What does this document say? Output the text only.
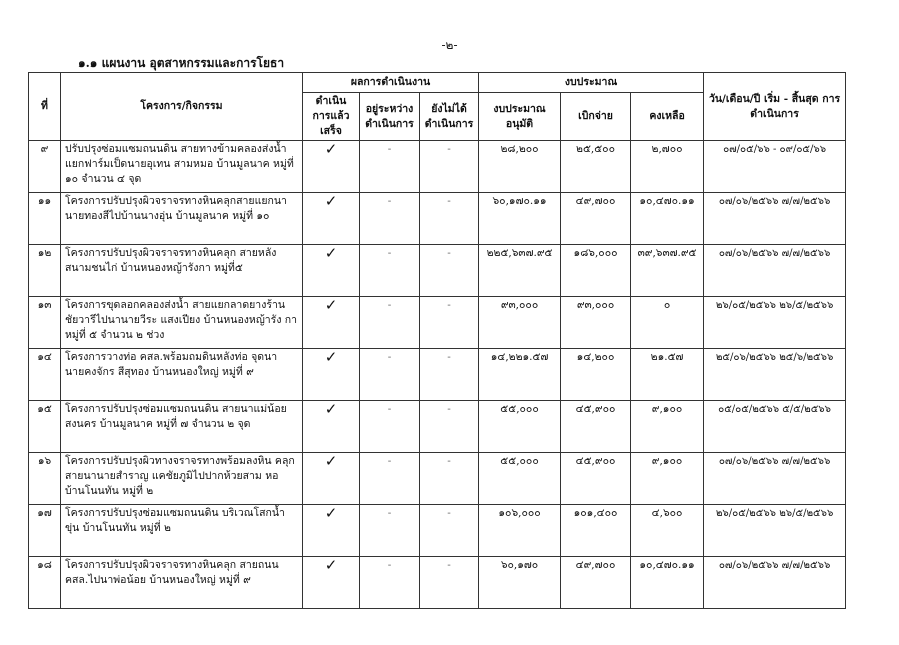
-๒-
๑.๑ แผนงาน อุตสาหกรรมและการโยธา
ที่	โครงการ/กิจกรรม	ผลการดำเนินงาน			งบประมาณ			วัน/เดือน/ปี เริ่ม - สิ้นสุด การดำเนินการ
		ดำเนินการแล้วเสร็จ	อยู่ระหว่างดำเนินการ	ยังไม่ได้ดำเนินการ	งบประมาณอนุมัติ	เบิกจ่าย	คงเหลือ	
๙	ปรับปรุงซ่อมแซมถนนดิน สายทางข้ามคลองส่งน้ำ แยกฟาร์มเป็ดนายอุเทน สามหมอ บ้านมูลนาค หมู่ที่ ๑๐ จำนวน ๔ จุด	✓	-	-	๒๘,๒๐๐	๒๕,๕๐๐	๒,๗๐๐	๐๗/๐๕/๖๖ - ๐๙/๐๕/๖๖
๑๑	โครงการปรับปรุงผิวจราจรทางหินคลุกสายแยกนา นายทองสีไปบ้านนางอุ่น บ้านมูลนาค หมู่ที่ ๑๐	✓	-	-	๖๐,๑๗๐.๑๑	๔๙,๗๐๐	๑๐,๔๗๐.๑๑	๐๗/๐๖/๒๕๖๖ ๗/๗/๒๕๖๖
๑๒	โครงการปรับปรุงผิวจราจรทางหินคลุก สายหลัง สนามชนไก่ บ้านหนองหญ้ารังกา หมู่ที่๕	✓	-	-	๒๒๕,๖๓๗.๙๕	๑๘๖,๐๐๐	๓๙,๖๓๗.๙๕	๐๗/๐๖/๒๕๖๖ ๗/๗/๒๕๖๖
๑๓	โครงการขุดลอกคลองส่งน้ำ สายแยกลาดยางร้าน ชัยวารีไปนานายวีระ แสงเปียง บ้านหนองหญ้ารัง กา หมู่ที่ ๕ จำนวน ๒ ช่วง	✓	-	-	๙๓,๐๐๐	๙๓,๐๐๐	๐	๒๖/๐๕/๒๕๖๖ ๒๖/๕/๒๕๖๖
๑๔	โครงการวางท่อ คสล.พร้อมถมดินหลังท่อ จุดนา นายคงจักร สีสุทอง บ้านหนองใหญ่ หมู่ที่ ๙	✓	-	-	๑๔,๒๒๑.๕๗	๑๔,๒๐๐	๒๑.๕๗	๒๕/๐๖/๒๕๖๖ ๒๕/๖/๒๕๖๖
๑๕	โครงการปรับปรุงซ่อมแซมถนนดิน สายนาแม่น้อย สงนคร บ้านมูลนาค หมู่ที่ ๗ จำนวน ๒ จุด	✓	-	-	๕๕,๐๐๐	๔๕,๙๐๐	๙,๑๐๐	๐๕/๐๕/๒๕๖๖ ๕/๕/๒๕๖๖
๑๖	โครงการปรับปรุงผิวทางจราจรทางพร้อมลงหิน คลุก สายนานายสำราญ แคชัยภูมิไปปากห้วยสาม หอ บ้านโนนทัน หมู่ที่ ๒	✓	-	-	๕๕,๐๐๐	๔๕,๙๐๐	๙,๑๐๐	๐๗/๐๖/๒๕๖๖ ๗/๗/๒๕๖๖
๑๗	โครงการปรับปรุงซ่อมแซมถนนดิน บริเวณโสกน้ำ ขุ่น บ้านโนนทัน หมู่ที่ ๒	✓	-	-	๑๐๖,๐๐๐	๑๐๑,๔๐๐	๔,๖๐๐	๒๖/๐๕/๒๕๖๖ ๒๖/๕/๒๕๖๖
๑๘	โครงการปรับปรุงผิวจราจรทางหินคลุก สายถนน คสล.ไปนาพ่อน้อย บ้านหนองใหญ่ หมู่ที่ ๙	✓	-	-	๖๐,๑๗๐	๔๙,๗๐๐	๑๐,๔๗๐.๑๑	๐๗/๐๖/๒๕๖๖ ๗/๗/๒๕๖๖
